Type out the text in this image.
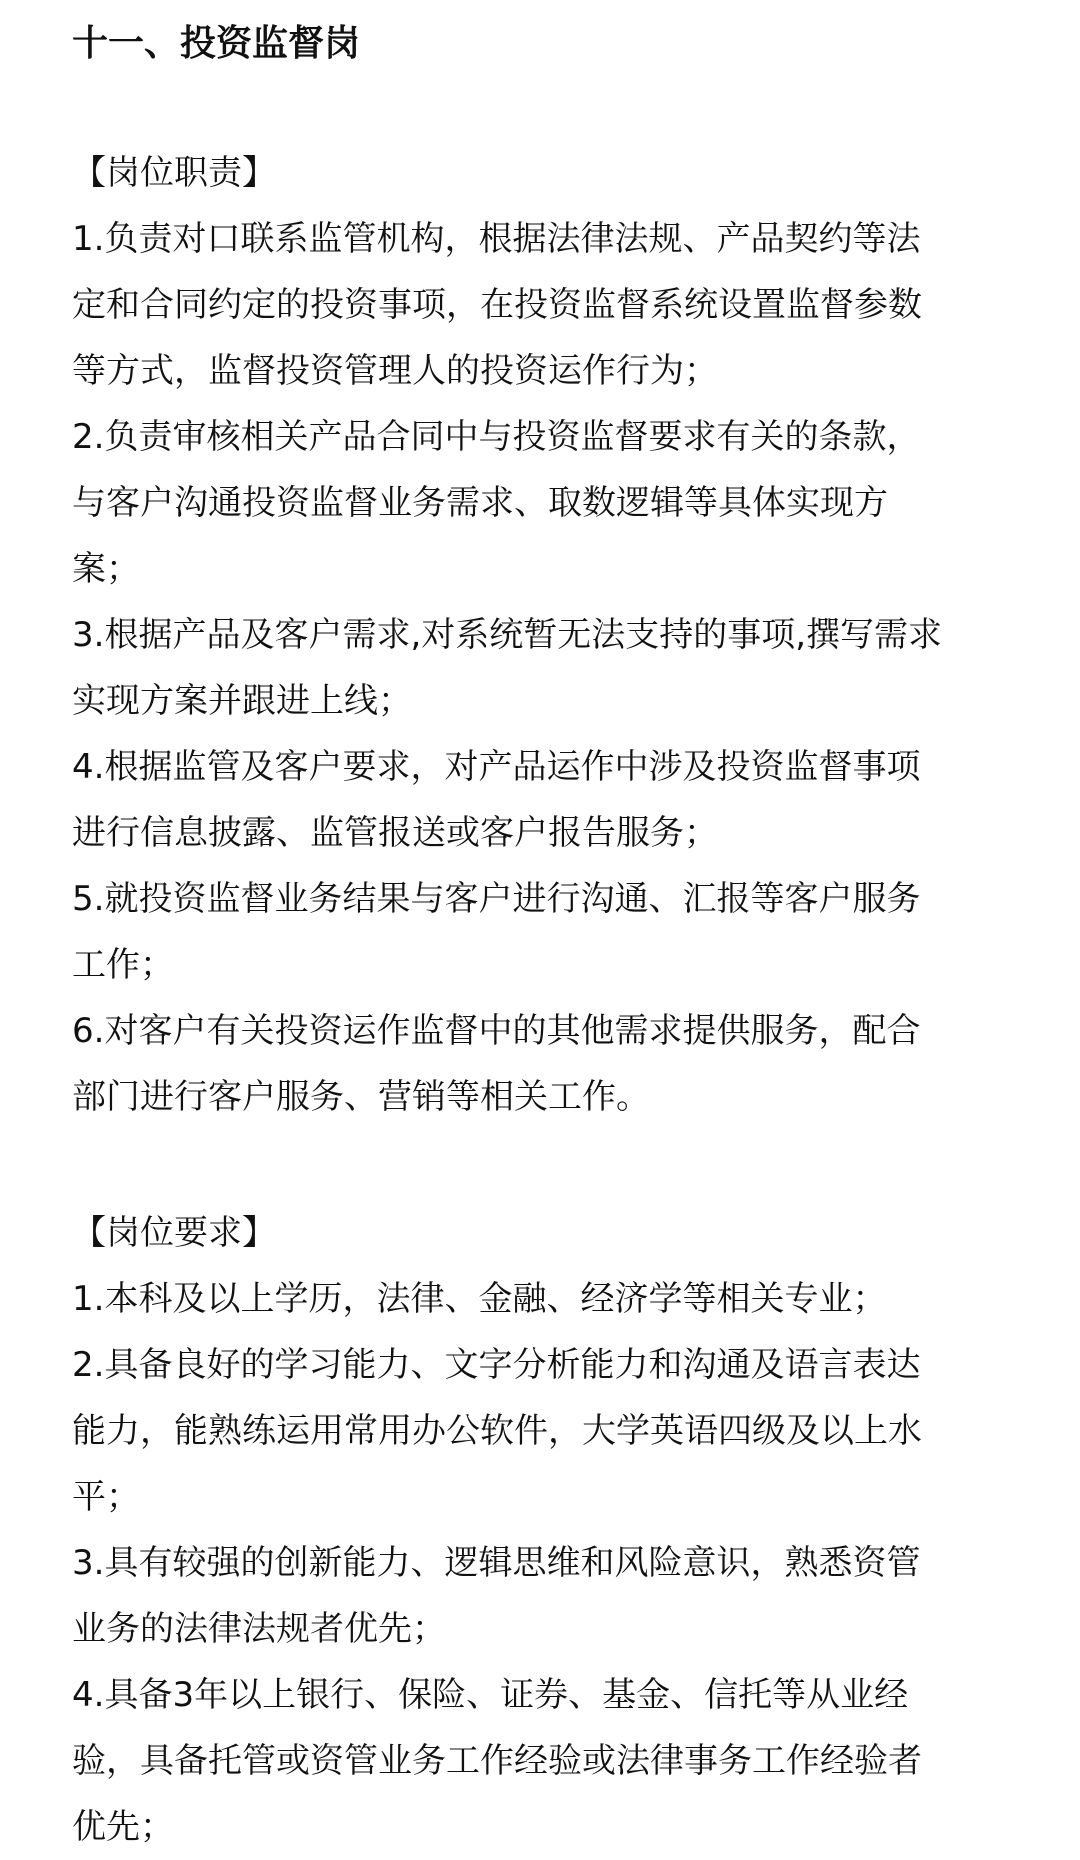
十一、投资监督岗
【岗位职责】

1.负责对口联系监管机构，根据法律法规、产品契约等法
定和合同约定的投资事项，在投资监督系统设置监督参数
等方式，监督投资管理人的投资运作行为；

2.负责审核相关产品合同中与投资监督要求有关的条款，
与客户沟通投资监督业务需求、取数逻辑等具体实现方
案；

3.根据产品及客户需求,对系统暂无法支持的事项,撰写需求
实现方案并跟进上线；

4.根据监管及客户要求，对产品运作中涉及投资监督事项
进行信息披露、监管报送或客户报告服务；

5.就投资监督业务结果与客户进行沟通、汇报等客户服务
工作；

6.对客户有关投资运作监督中的其他需求提供服务，配合
部门进行客户服务、营销等相关工作。

【岗位要求】

1.本科及以上学历，法律、金融、经济学等相关专业；

2.具备良好的学习能力、文字分析能力和沟通及语言表达
能力，能熟练运用常用办公软件，大学英语四级及以上水
平；

3.具有较强的创新能力、逻辑思维和风险意识，熟悉资管
业务的法律法规者优先；

4.具备3年以上银行、保险、证券、基金、信托等从业经
验，具备托管或资管业务工作经验或法律事务工作经验者
优先；
